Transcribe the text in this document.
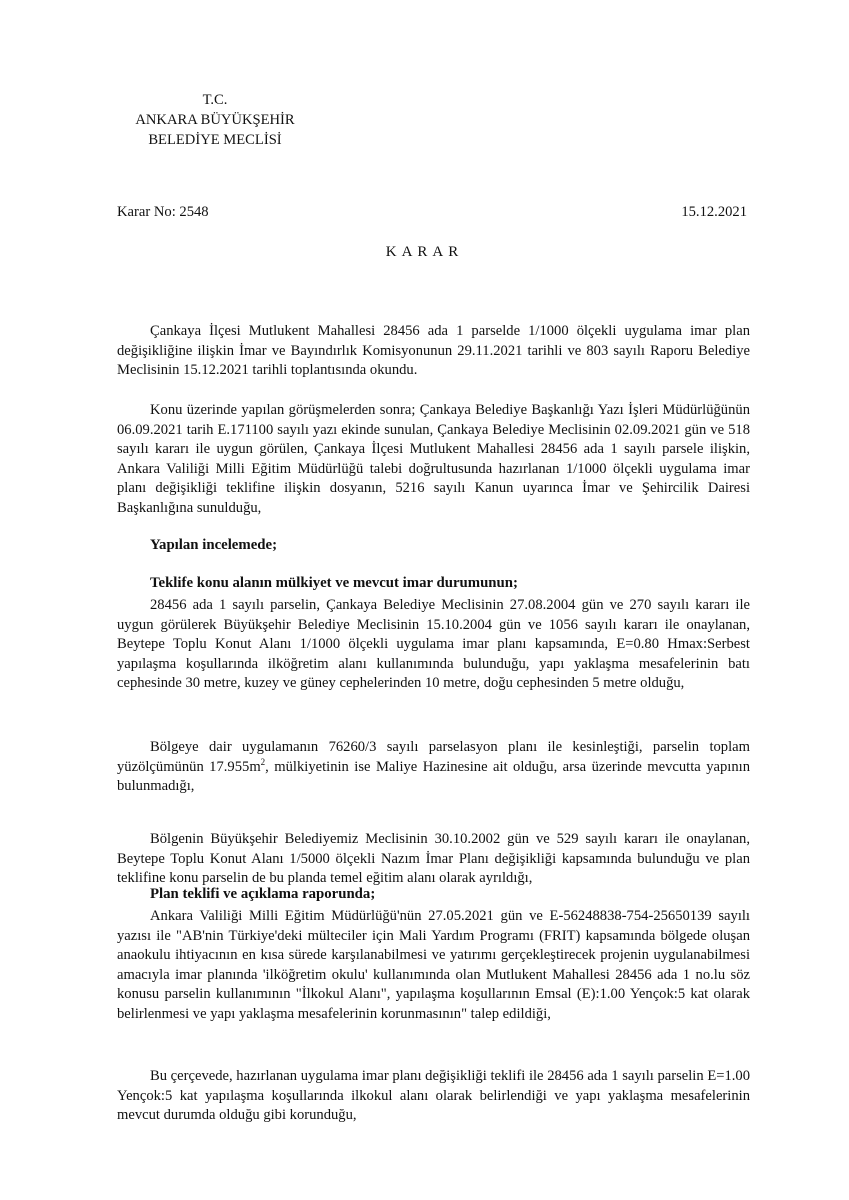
T.C.
ANKARA BÜYÜKŞEHİR
BELEDİYE MECLİSİ
Karar No: 2548	15.12.2021
KARAR
Çankaya İlçesi Mutlukent Mahallesi 28456 ada 1 parselde 1/1000 ölçekli uygulama imar plan değişikliğine ilişkin İmar ve Bayındırlık Komisyonunun 29.11.2021 tarihli ve 803 sayılı Raporu Belediye Meclisinin 15.12.2021 tarihli toplantısında okundu.
Konu üzerinde yapılan görüşmelerden sonra; Çankaya Belediye Başkanlığı Yazı İşleri Müdürlüğünün 06.09.2021 tarih E.171100 sayılı yazı ekinde sunulan, Çankaya Belediye Meclisinin 02.09.2021 gün ve 518 sayılı kararı ile uygun görülen, Çankaya İlçesi Mutlukent Mahallesi 28456 ada 1 sayılı parsele ilişkin, Ankara Valiliği Milli Eğitim Müdürlüğü talebi doğrultusunda hazırlanan 1/1000 ölçekli uygulama imar planı değişikliği teklifine ilişkin dosyanın, 5216 sayılı Kanun uyarınca İmar ve Şehircilik Dairesi Başkanlığına sunulduğu,
Yapılan incelemede;
Teklife konu alanın mülkiyet ve mevcut imar durumunun;
28456 ada 1 sayılı parselin, Çankaya Belediye Meclisinin 27.08.2004 gün ve 270 sayılı kararı ile uygun görülerek Büyükşehir Belediye Meclisinin 15.10.2004 gün ve 1056 sayılı kararı ile onaylanan, Beytepe Toplu Konut Alanı 1/1000 ölçekli uygulama imar planı kapsamında, E=0.80 Hmax:Serbest yapılaşma koşullarında ilköğretim alanı kullanımında bulunduğu, yapı yaklaşma mesafelerinin batı cephesinde 30 metre, kuzey ve güney cephelerinden 10 metre, doğu cephesinden 5 metre olduğu,
Bölgeye dair uygulamanın 76260/3 sayılı parselasyon planı ile kesinleştiği, parselin toplam yüzölçümünün $17.955m^2$, mülkiyetinin ise Maliye Hazinesine ait olduğu, arsa üzerinde mevcutta yapının bulunmadığı,
Bölgenin Büyükşehir Belediyemiz Meclisinin 30.10.2002 gün ve 529 sayılı kararı ile onaylanan, Beytepe Toplu Konut Alanı 1/5000 ölçekli Nazım İmar Planı değişikliği kapsamında bulunduğu ve plan teklifine konu parselin de bu planda temel eğitim alanı olarak ayrıldığı,
Plan teklifi ve açıklama raporunda;
Ankara Valiliği Milli Eğitim Müdürlüğü'nün 27.05.2021 gün ve E-56248838-754-25650139 sayılı yazısı ile "AB'nin Türkiye'deki mülteciler için Mali Yardım Programı (FRIT) kapsamında bölgede oluşan anaokulu ihtiyacının en kısa sürede karşılanabilmesi ve yatırımı gerçekleştirecek projenin uygulanabilmesi amacıyla imar planında 'ilköğretim okulu' kullanımında olan Mutlukent Mahallesi 28456 ada 1 no.lu söz konusu parselin kullanımının "İlkokul Alanı", yapılaşma koşullarının Emsal (E):1.00 Yençok:5 kat olarak belirlenmesi ve yapı yaklaşma mesafelerinin korunmasının" talep edildiği,
Bu çerçevede, hazırlanan uygulama imar planı değişikliği teklifi ile 28456 ada 1 sayılı parselin E=1.00 Yençok:5 kat yapılaşma koşullarında ilkokul alanı olarak belirlendiği ve yapı yaklaşma mesafelerinin mevcut durumda olduğu gibi korunduğu,
